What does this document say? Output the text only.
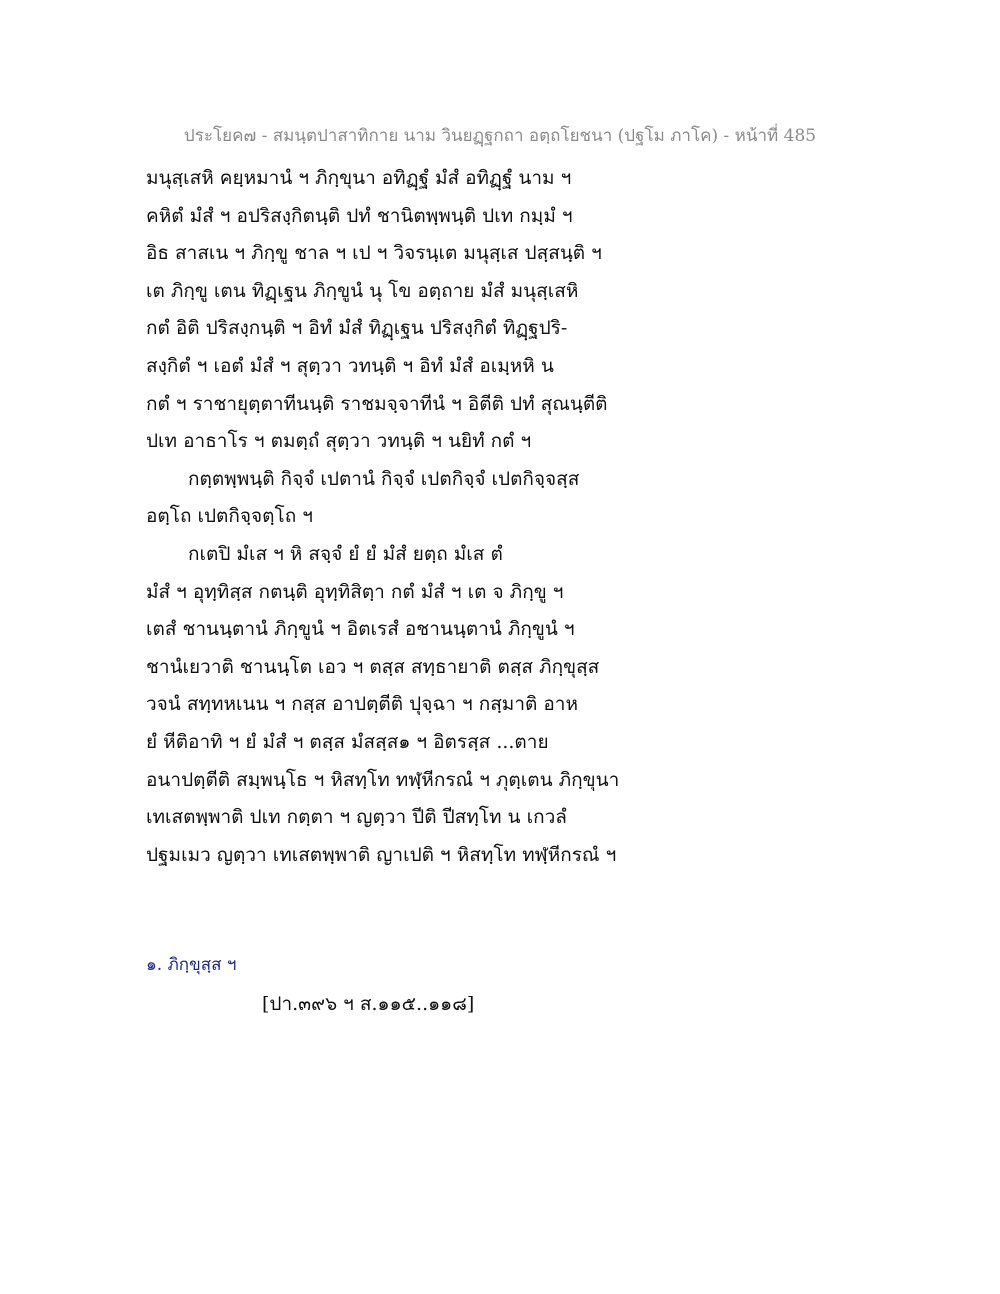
ประโยค๗ - สมนฺตปาสาทิกาย นาม วินยฏฺฐกถา อตฺถโยชนา (ปฐโม ภาโค) - หน้าที่ 485
มนุสฺเสหิ คยฺหมานํ ฯ ภิกฺขุนา อทิฏฺฐํ มํสํ อทิฏฺฐํ นาม ฯ
คหิตํ มํสํ ฯ อปริสงฺกิตนฺติ ปทํ ชานิตพฺพนฺติ ปเท กมฺมํ ฯ
อิธ สาสเน ฯ ภิกฺขู ชาล ฯ เป ฯ วิจรนฺเต มนุสฺเส ปสฺสนฺติ ฯ
เต ภิกฺขู เตน ทิฏฺเฐน ภิกฺขูนํ นุ โข อตฺถาย มํสํ มนุสฺเสหิ
กตํ อิติ ปริสงฺกนฺติ ฯ อิทํ มํสํ ทิฏฺเฐน ปริสงฺกิตํ ทิฏฺฐปริ-
สงฺกิตํ ฯ เอตํ มํสํ ฯ สุตฺวา วทนฺติ ฯ อิทํ มํสํ อเมฺหหิ น
กตํ ฯ ราชายุตฺตาทีนนฺติ ราชมจฺจาทีนํ ฯ อิตีติ ปทํ สุณนฺตีติ
ปเท อาธาโร ฯ ตมตฺถํ สุตฺวา วทนฺติ ฯ นยิทํ กตํ ฯ
กตฺตพฺพนฺติ กิจฺจํ เปตานํ กิจฺจํ เปตกิจฺจํ เปตกิจฺจสฺส
อตฺโถ เปตกิจฺจตฺโถ ฯ
กเตปิ มํเส ฯ หิ สจฺจํ ยํ ยํ มํสํ ยตฺถ มํเส ตํ
มํสํ ฯ อุทฺทิสฺส กตนฺติ อุทฺทิสิตฺา กตํ มํสํ ฯ เต จ ภิกฺขู ฯ
เตสํ ชานนฺตานํ ภิกฺขูนํ ฯ อิตเรสํ อชานนฺตานํ ภิกฺขูนํ ฯ
ชานํเยวาติ ชานนฺโต เอว ฯ ตสฺส สทฺธายาติ ตสฺส ภิกฺขุสฺส
วจนํ สทฺทหเนน ฯ กสฺส อาปตฺตีติ ปุจฺฉา ฯ กสฺมาติ อาห
ยํ หีติอาทิ ฯ ยํ มํสํ ฯ ตสฺส มํสสฺส๑ ฯ อิตรสฺส ...ตาย
อนาปตฺตีติ สมฺพนฺโธ ฯ หิสทฺโท ทฬฺหีกรณํ ฯ ภุตฺเตน ภิกฺขุนา
เทเสตพฺพาติ ปเท กตฺตา ฯ ญตฺวา ปีติ ปีสทฺโท น เกวลํ
ปฐมเมว ญตฺวา เทเสตพฺพาติ ญาเปติ ฯ หิสทฺโท ทฬฺหีกรณํ ฯ
๑. ภิกฺขุสฺส ฯ
[ปา.๓๙๖ ฯ ส.๑๑๕..๑๑๘]
